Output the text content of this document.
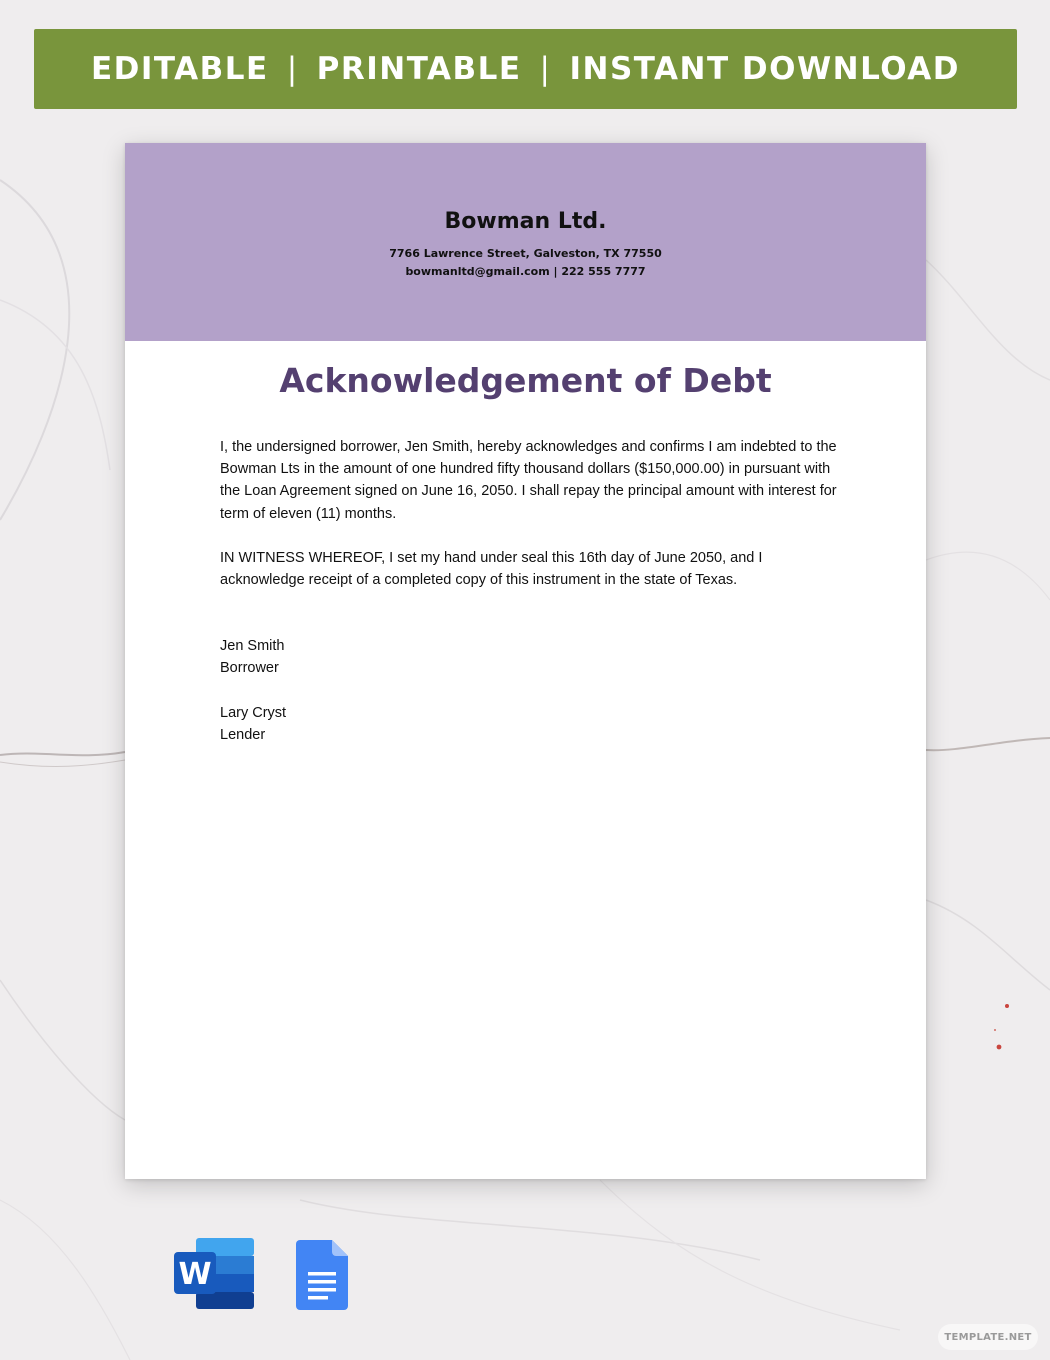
EDITABLE | PRINTABLE | INSTANT DOWNLOAD
Bowman Ltd.
7766 Lawrence Street, Galveston, TX 77550
bowmanltd@gmail.com | 222 555 7777
Acknowledgement of Debt

I, the undersigned borrower, Jen Smith, hereby acknowledges and confirms I am indebted to the Bowman Lts in the amount of one hundred fifty thousand dollars ($150,000.00) in pursuant with the Loan Agreement signed on June 16, 2050. I shall repay the principal amount with interest for term of eleven (11) months.

IN WITNESS WHEREOF, I set my hand under seal this 16th day of June 2050, and I acknowledge receipt of a completed copy of this instrument in the state of Texas.

Jen Smith

Borrower

Lary Cryst

Lender

W
TEMPLATE.NET
